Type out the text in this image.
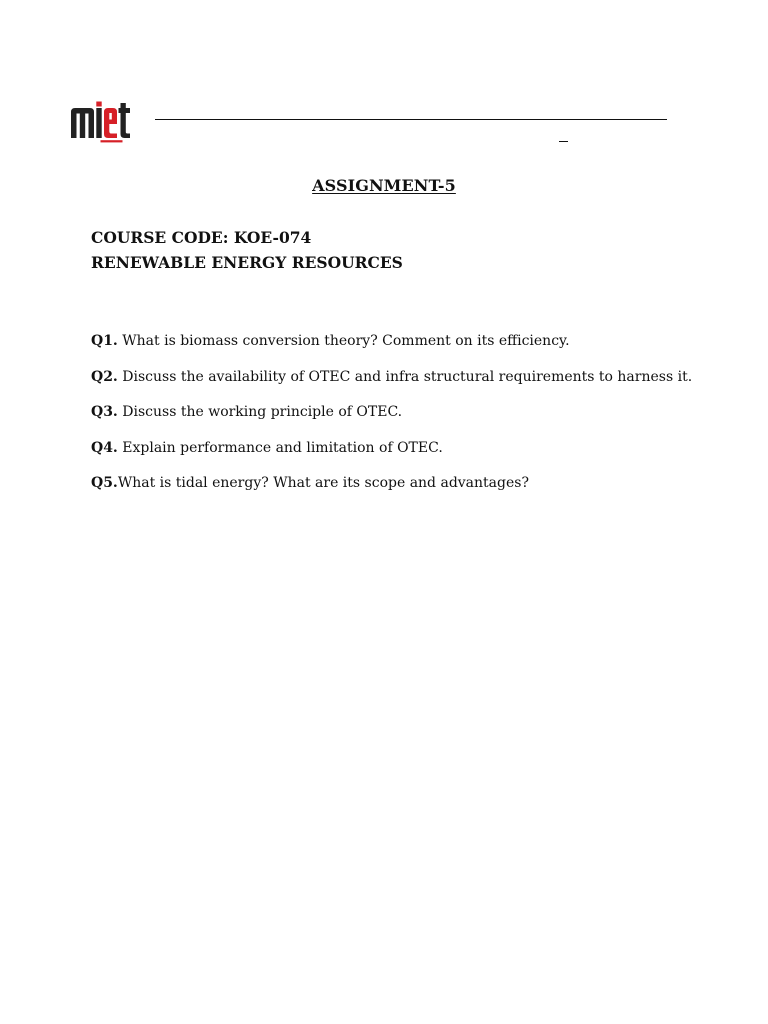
ASSIGNMENT-5
COURSE CODE: KOE-074
RENEWABLE ENERGY RESOURCES
Q1. What is biomass conversion theory? Comment on its efficiency.
Q2. Discuss the availability of OTEC and infra structural requirements to harness it.
Q3. Discuss the working principle of OTEC.
Q4. Explain performance and limitation of OTEC.
Q5.What is tidal energy? What are its scope and advantages?
